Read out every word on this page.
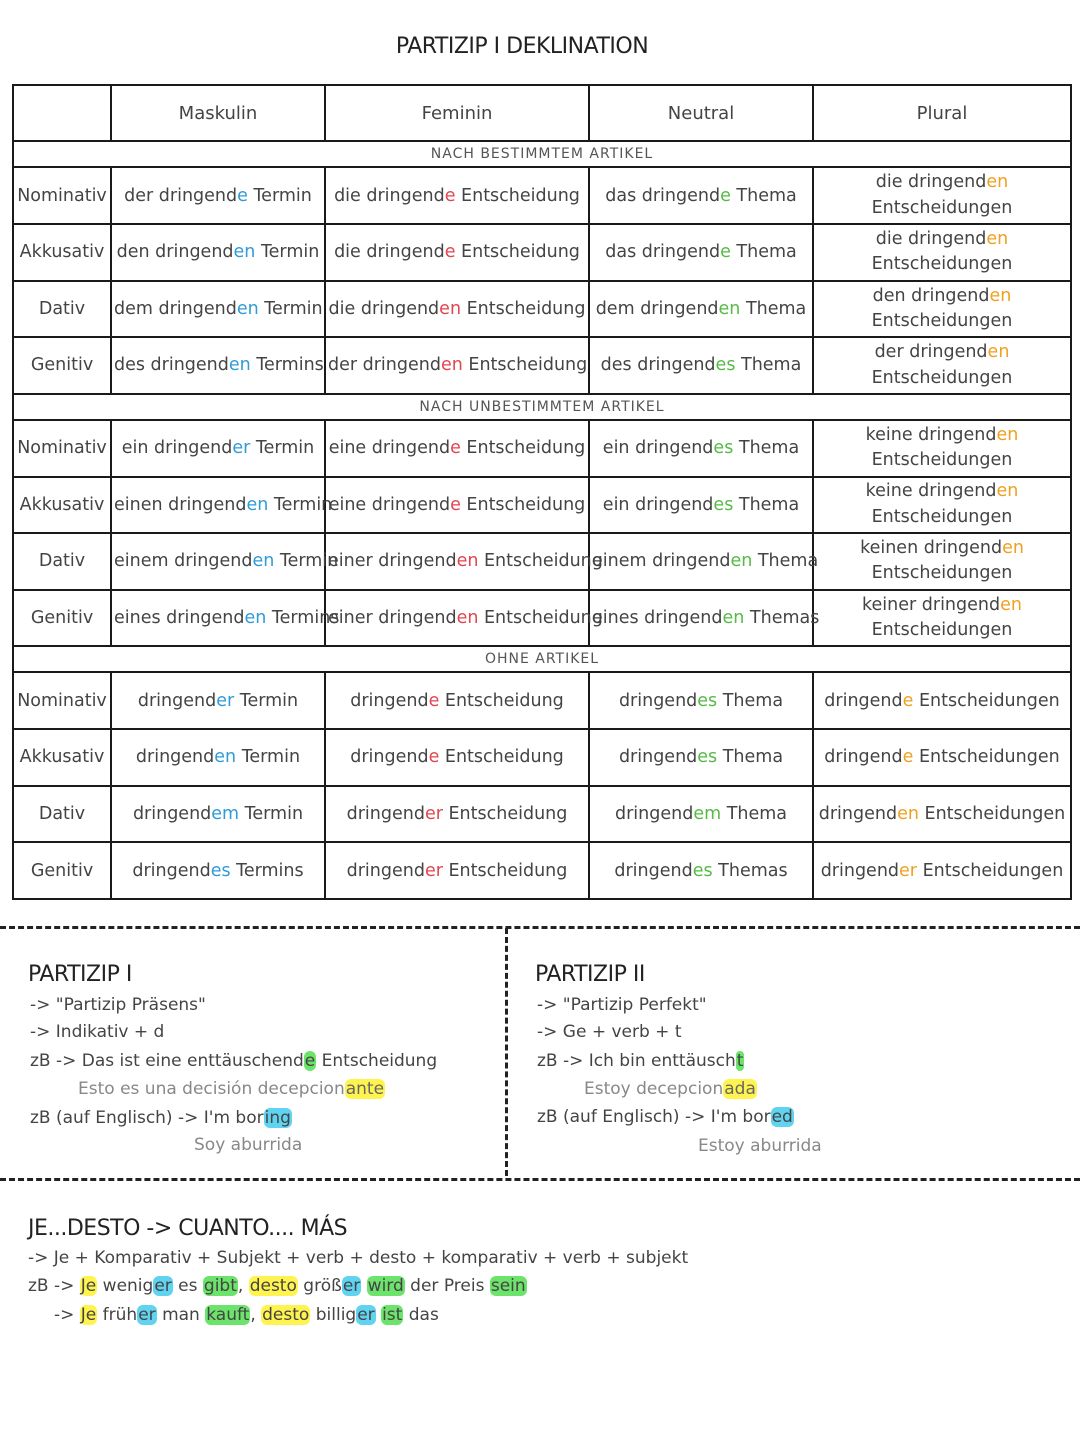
PARTIZIP I DEKLINATION
	Maskulin	Feminin	Neutral	Plural
NACH BESTIMMTEM ARTIKEL				
Nominativ	der dringende Termin	die dringende Entscheidung	das dringende Thema	die dringenden
Entscheidungen
Akkusativ	den dringenden Termin	die dringende Entscheidung	das dringende Thema	die dringenden
Entscheidungen
Dativ	dem dringenden Termin	die dringenden Entscheidung	dem dringenden Thema	den dringenden
Entscheidungen
Genitiv	des dringenden Termins	der dringenden Entscheidung	des dringendes Thema	der dringenden
Entscheidungen
NACH UNBESTIMMTEM ARTIKEL				
Nominativ	ein dringender Termin	eine dringende Entscheidung	ein dringendes Thema	keine dringenden
Entscheidungen
Akkusativ	einen dringenden Termin	eine dringende Entscheidung	ein dringendes Thema	keine dringenden
Entscheidungen
Dativ	einem dringenden Termin	einer dringenden Entscheidung	einem dringenden Thema	keinen dringenden
Entscheidungen
Genitiv	eines dringenden Termins	einer dringenden Entscheidung	eines dringenden Themas	keiner dringenden
Entscheidungen
OHNE ARTIKEL				
Nominativ	dringender Termin	dringende Entscheidung	dringendes Thema	dringende Entscheidungen
Akkusativ	dringenden Termin	dringende Entscheidung	dringendes Thema	dringende Entscheidungen
Dativ	dringendem Termin	dringender Entscheidung	dringendem Thema	dringenden Entscheidungen
Genitiv	dringendes Termins	dringender Entscheidung	dringendes Themas	dringender Entscheidungen
PARTIZIP I
-> "Partizip Präsens"
-> Indikativ + d
zB -> Das ist eine enttäuschende Entscheidung
Esto es una decisión decepcionante
zB (auf Englisch) -> I'm boring
Soy aburrida
PARTIZIP II
-> "Partizip Perfekt"
-> Ge + verb + t
zB -> Ich bin enttäuscht
Estoy decepcionada
zB (auf Englisch) -> I'm bored
Estoy aburrida
JE...DESTO -> CUANTO.... MÁS
-> Je + Komparativ + Subjekt + verb + desto + komparativ + verb + subjekt
zB -> Je weniger es gibt, desto größer wird der Preis sein
-> Je früher man kauft, desto billiger ist das
